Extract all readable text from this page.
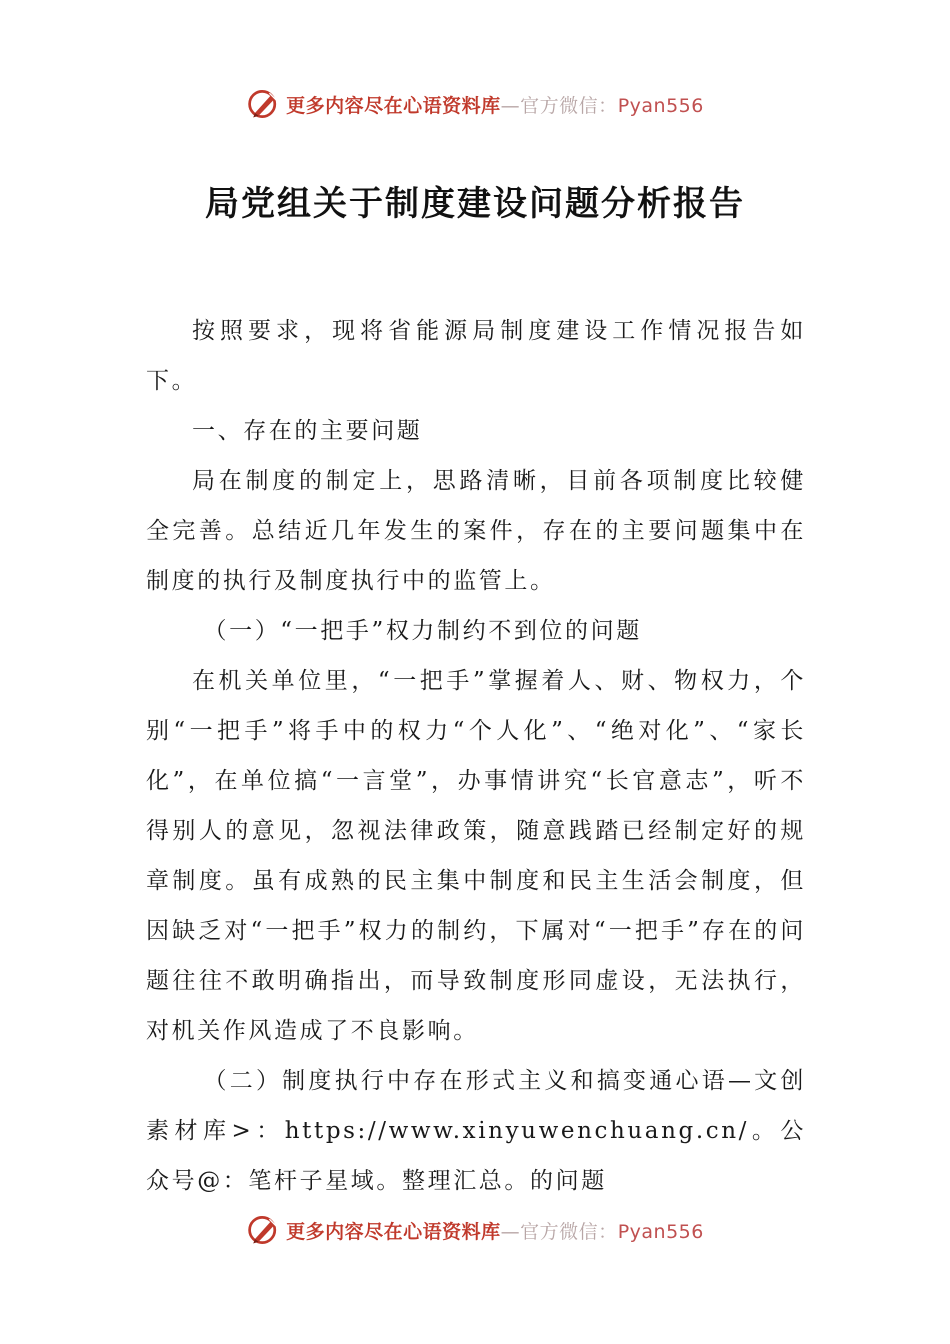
更多内容尽在心语资料库—官方微信：Pyan556
局党组关于制度建设问题分析报告

按照要求，现将省能源局制度建设工作情况报告如下。

一、存在的主要问题

局在制度的制定上，思路清晰，目前各项制度比较健全完善。总结近几年发生的案件，存在的主要问题集中在制度的执行及制度执行中的监管上。

（一）“一把手”权力制约不到位的问题

在机关单位里，“一把手”掌握着人、财、物权力，个别“一把手”将手中的权力“个人化”、“绝对化”、“家长化”，在单位搞“一言堂”，办事情讲究“长官意志”，听不得别人的意见，忽视法律政策，随意践踏已经制定好的规章制度。虽有成熟的民主集中制度和民主生活会制度，但因缺乏对“一把手”权力的制约，下属对“一把手”存在的问题往往不敢明确指出，而导致制度形同虚设，无法执行，对机关作风造成了不良影响。

（二）制度执行中存在形式主义和搞变通心语—文创素材库>：https://www.xinyuwenchuang.cn/。公众号@：笔杆子星域。整理汇总。的问题

更多内容尽在心语资料库—官方微信：Pyan556
